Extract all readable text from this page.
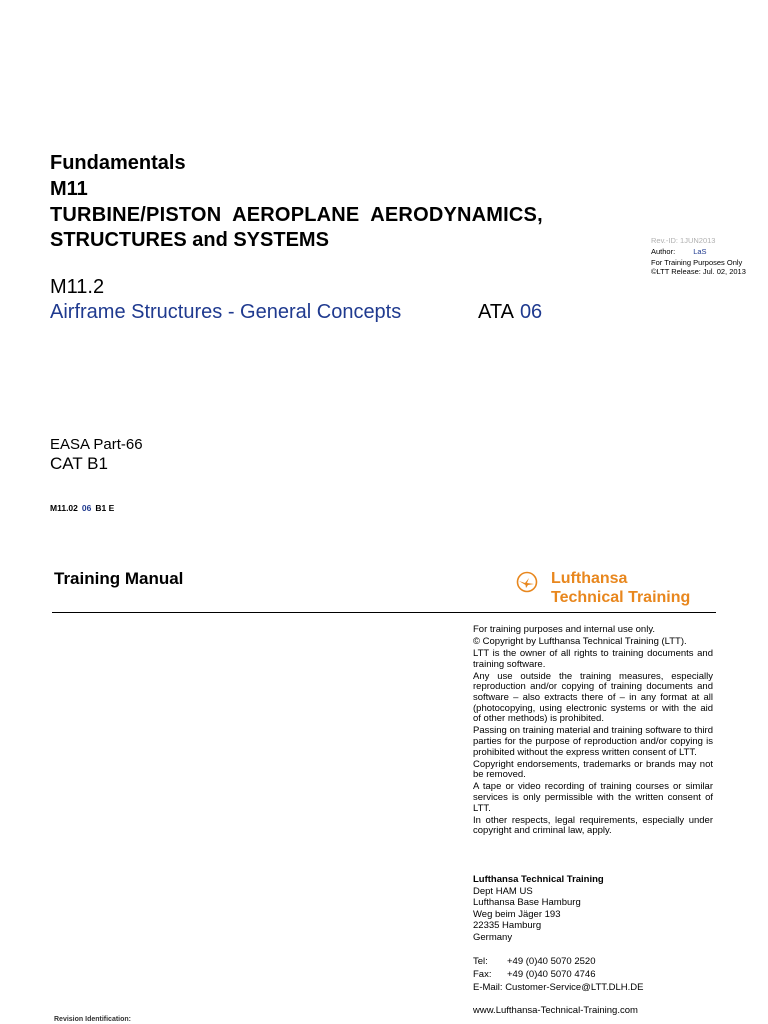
Fundamentals
M11
TURBINE/PISTON  AEROPLANE  AERODYNAMICS,
STRUCTURES and SYSTEMS
M11.2
Airframe Structures - General Concepts	ATA 06
Rev.-ID: 1JUN2013
Author: LaS
For Training Purposes Only
©LTT Release: Jul. 02, 2013
EASA Part-66
CAT B1
M11.02 06 B1 E
Training Manual	Lufthansa
Technical Training

For training purposes and internal use only.

© Copyright by Lufthansa Technical Training (LTT).

LTT is the owner of all rights to training documents and training software.

Any use outside the training measures, especially reproduction and/or copying of training documents and software – also extracts there of – in any format at all (photocopying, using electronic systems or with the aid of other methods) is prohibited.

Passing on training material and training software to third parties for the purpose of reproduction and/or copying is prohibited without the express written consent of LTT.

Copyright endorsements, trademarks or brands may not be removed.

A tape or video recording of training courses or similar services is only permissible with the written consent of LTT.

In other respects, legal requirements, especially under copyright and criminal law, apply.

Lufthansa Technical Training
Dept HAM US
Lufthansa Base Hamburg
Weg beim Jäger 193
22335 Hamburg
Germany
Tel: +49 (0)40 5070 2520
Fax: +49 (0)40 5070 4746
E-Mail: Customer-Service@LTT.DLH.DE
www.Lufthansa-Technical-Training.com
Revision Identification:
